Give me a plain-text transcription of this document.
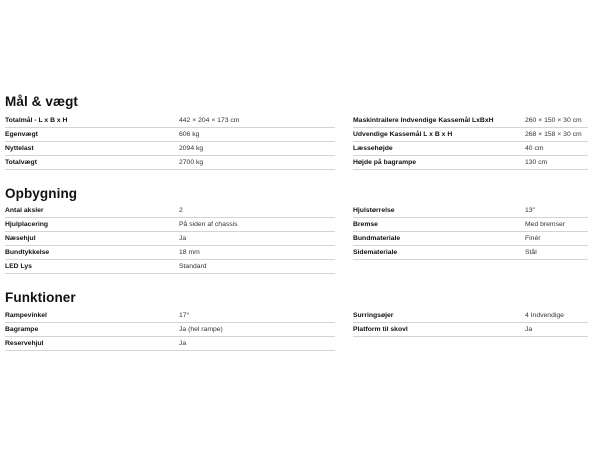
Mål & vægt
Totalmål - L x B x H	442 × 204 × 173 cm
Egenvægt	606 kg
Nyttelast	2094 kg
Totalvægt	2700 kg
Maskintrailere Indvendige Kassemål LxBxH	260 × 150 × 30 cm
Udvendige Kassemål L x B x H	268 × 158 × 30 cm
Læssehøjde	40 cm
Højde på bagrampe	130 cm
Opbygning
Antal aksler	2
Hjulplacering	På siden af chassis
Næsehjul	Ja
Bundtykkelse	18 mm
LED Lys	Standard
Hjulstørrelse	13"
Bremse	Med bremser
Bundmateriale	Finér
Sidemateriale	Stål
Funktioner
Rampevinkel	17°
Bagrampe	Ja (hel rampe)
Reservehjul	Ja
Surringsøjer	4 Indvendige
Platform til skovl	Ja
